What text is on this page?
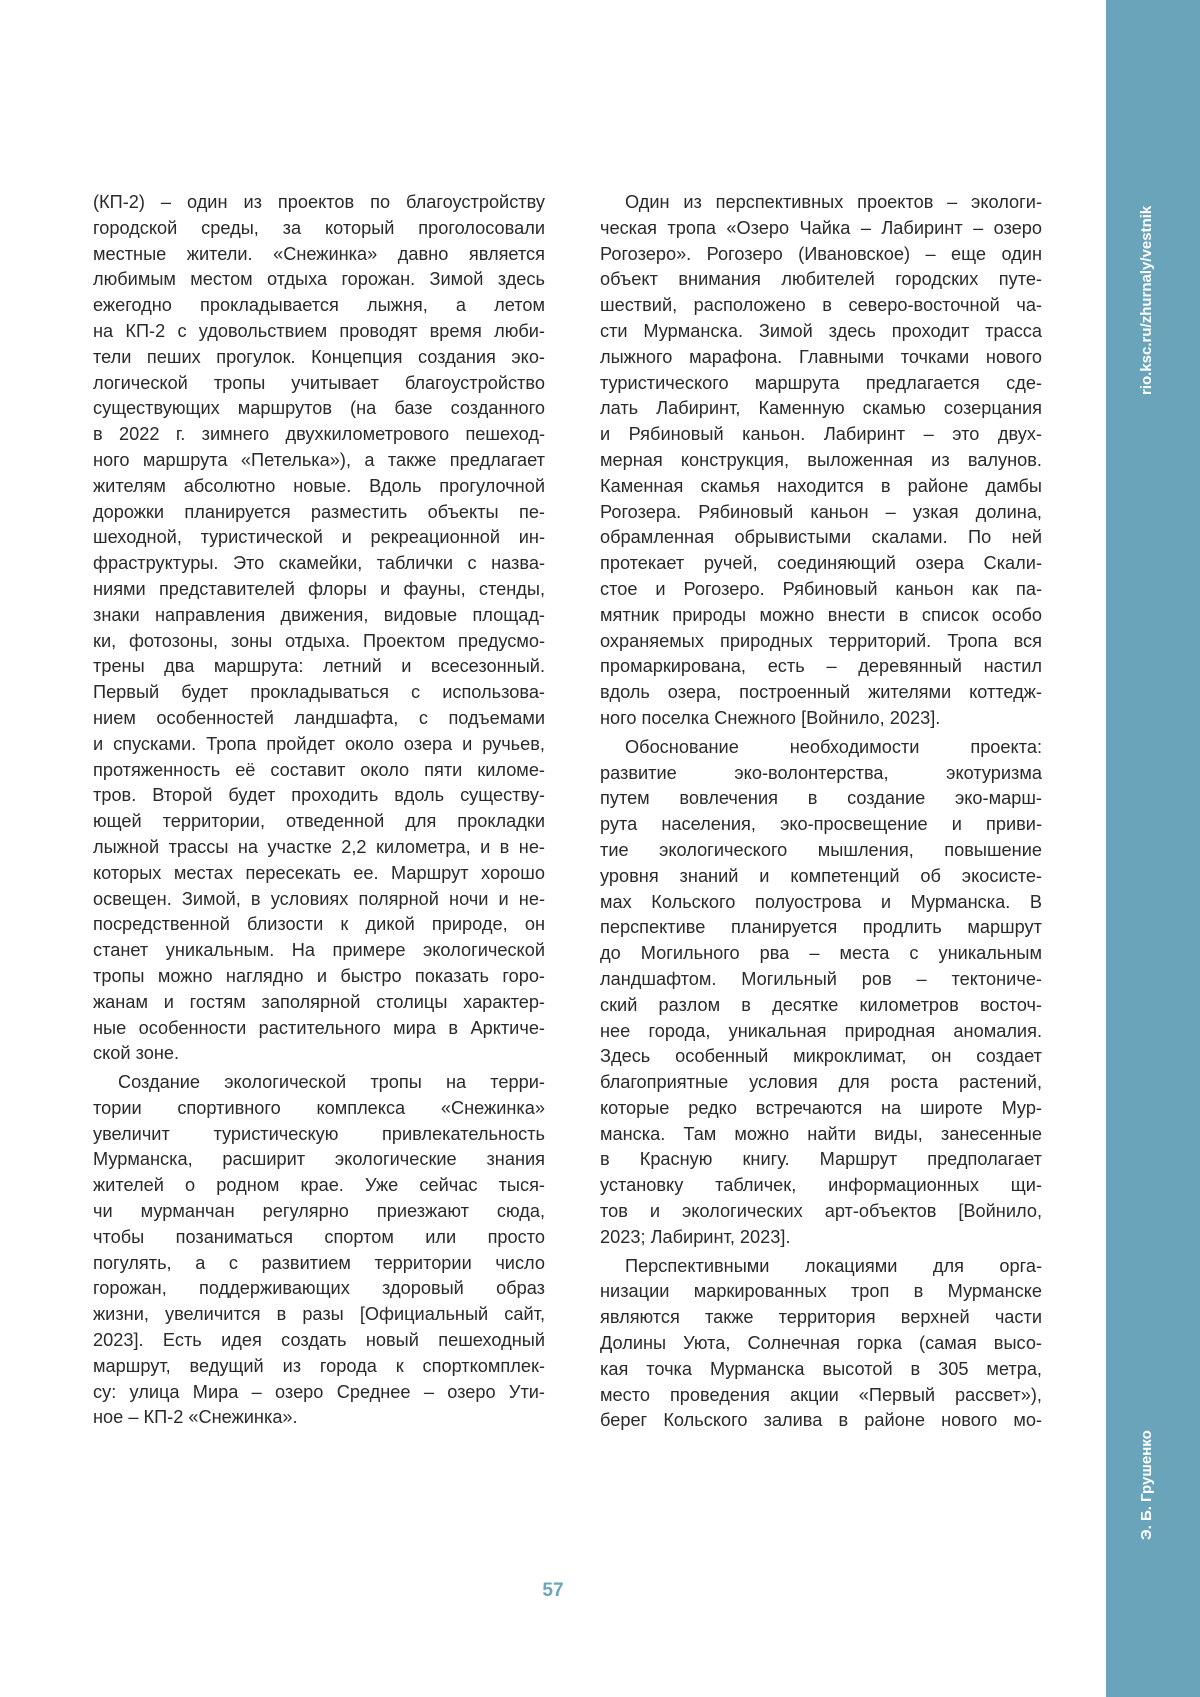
rio.ksc.ru/zhurnaly/vestnik
Э. Б. Грушенко
(КП-2) – один из проектов по благоустройству
городской среды, за который проголосовали
местные жители. «Снежинка» давно является
любимым местом отдыха горожан. Зимой здесь
ежегодно прокладывается лыжня, а летом
на КП-2 с удовольствием проводят время люби-
тели пеших прогулок. Концепция создания эко-
логической тропы учитывает благоустройство
существующих маршрутов (на базе созданного
в 2022 г. зимнего двухкилометрового пешеход-
ного маршрута «Петелька»), а также предлагает
жителям абсолютно новые. Вдоль прогулочной
дорожки планируется разместить объекты пе-
шеходной, туристической и рекреационной ин-
фраструктуры. Это скамейки, таблички с назва-
ниями представителей флоры и фауны, стенды,
знаки направления движения, видовые площад-
ки, фотозоны, зоны отдыха. Проектом предусмо-
трены два маршрута: летний и всесезонный.
Первый будет прокладываться с использова-
нием особенностей ландшафта, с подъемами
и спусками. Тропа пройдет около озера и ручьев,
протяженность её составит около пяти киломе-
тров. Второй будет проходить вдоль существу-
ющей территории, отведенной для прокладки
лыжной трассы на участке 2,2 километра, и в не-
которых местах пересекать ее. Маршрут хорошо
освещен. Зимой, в условиях полярной ночи и не-
посредственной близости к дикой природе, он
станет уникальным. На примере экологической
тропы можно наглядно и быстро показать горо-
жанам и гостям заполярной столицы характер-
ные особенности растительного мира в Арктиче-
ской зоне.
Создание экологической тропы на терри-
тории спортивного комплекса «Снежинка»
увеличит туристическую привлекательность
Мурманска, расширит экологические знания
жителей о родном крае. Уже сейчас тыся-
чи мурманчан регулярно приезжают сюда,
чтобы позаниматься спортом или просто
погулять, а с развитием территории число
горожан, поддерживающих здоровый образ
жизни, увеличится в разы [Официальный сайт,
2023]. Есть идея создать новый пешеходный
маршрут, ведущий из города к спорткомплек-
су: улица Мира – озеро Среднее – озеро Ути-
ное – КП-2 «Снежинка».
Один из перспективных проектов – экологи-
ческая тропа «Озеро Чайка – Лабиринт – озеро
Рогозеро». Рогозеро (Ивановское) – еще один
объект внимания любителей городских путе-
шествий, расположено в северо-восточной ча-
сти Мурманска. Зимой здесь проходит трасса
лыжного марафона. Главными точками нового
туристического маршрута предлагается сде-
лать Лабиринт, Каменную скамью созерцания
и Рябиновый каньон. Лабиринт – это двух-
мерная конструкция, выложенная из валунов.
Каменная скамья находится в районе дамбы
Рогозера. Рябиновый каньон – узкая долина,
обрамленная обрывистыми скалами. По ней
протекает ручей, соединяющий озера Скали-
стое и Рогозеро. Рябиновый каньон как па-
мятник природы можно внести в список особо
охраняемых природных территорий. Тропа вся
промаркирована, есть – деревянный настил
вдоль озера, построенный жителями коттедж-
ного поселка Снежного [Войнило, 2023].
Обоснование необходимости проекта:
развитие эко-волонтерства, экотуризма
путем вовлечения в создание эко-марш-
рута населения, эко-просвещение и приви-
тие экологического мышления, повышение
уровня знаний и компетенций об экосисте-
мах Кольского полуострова и Мурманска. В
перспективе планируется продлить маршрут
до Могильного рва – места с уникальным
ландшафтом. Могильный ров – тектониче-
ский разлом в десятке километров восточ-
нее города, уникальная природная аномалия.
Здесь особенный микроклимат, он создает
благоприятные условия для роста растений,
которые редко встречаются на широте Мур-
манска. Там можно найти виды, занесенные
в Красную книгу. Маршрут предполагает
установку табличек, информационных щи-
тов и экологических арт-объектов [Войнило,
2023; Лабиринт, 2023].
Перспективными локациями для орга-
низации маркированных троп в Мурманске
являются также территория верхней части
Долины Уюта, Солнечная горка (самая высо-
кая точка Мурманска высотой в 305 метра,
место проведения акции «Первый рассвет»),
берег Кольского залива в районе нового мо-
57
